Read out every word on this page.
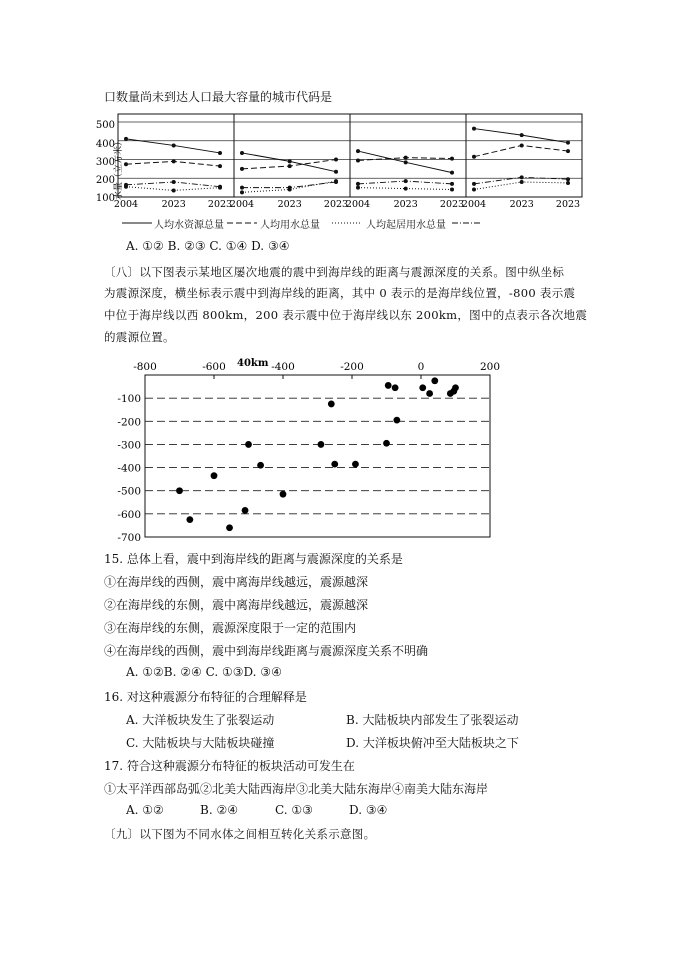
口数量尚未到达人口最大容量的城市代码是
500
400
300
200
100 水量（立方米）
2004 2023 2023
2004 2023 2023
2004 2023 2023
2004 2023 2023
人均水资源总量	人均用水总量	人均起居用水总量
A. ①② B. ②③ C. ①④ D. ③④
〔八〕以下图表示某地区屡次地震的震中到海岸线的距离与震源深度的关系。图中纵坐标
为震源深度，横坐标表示震中到海岸线的距离，其中 0 表示的是海岸线位置，-800 表示震
中位于海岸线以西 800km，200 表示震中位于海岸线以东 200km，图中的点表示各次地震
的震源位置。
40km
-800	-600	-400	-200	0	200
-100
-200
-300
-400
-500
-600
-700
15. 总体上看，震中到海岸线的距离与震源深度的关系是
①在海岸线的西侧，震中离海岸线越远，震源越深
②在海岸线的东侧，震中离海岸线越远，震源越深
③在海岸线的东侧，震源深度限于一定的范围内
④在海岸线的西侧，震中到海岸线距离与震源深度关系不明确
A. ①②B. ②④ C. ①③D. ③④
16. 对这种震源分布特征的合理解释是
A. 大洋板块发生了张裂运动	B. 大陆板块内部发生了张裂运动
C. 大陆板块与大陆板块碰撞	D. 大洋板块俯冲至大陆板块之下
17. 符合这种震源分布特征的板块活动可发生在
①太平洋西部岛弧②北美大陆西海岸③北美大陆东海岸④南美大陆东海岸
A. ①②	B. ②④	C. ①③	D. ③④
〔九〕以下图为不同水体之间相互转化关系示意图。
